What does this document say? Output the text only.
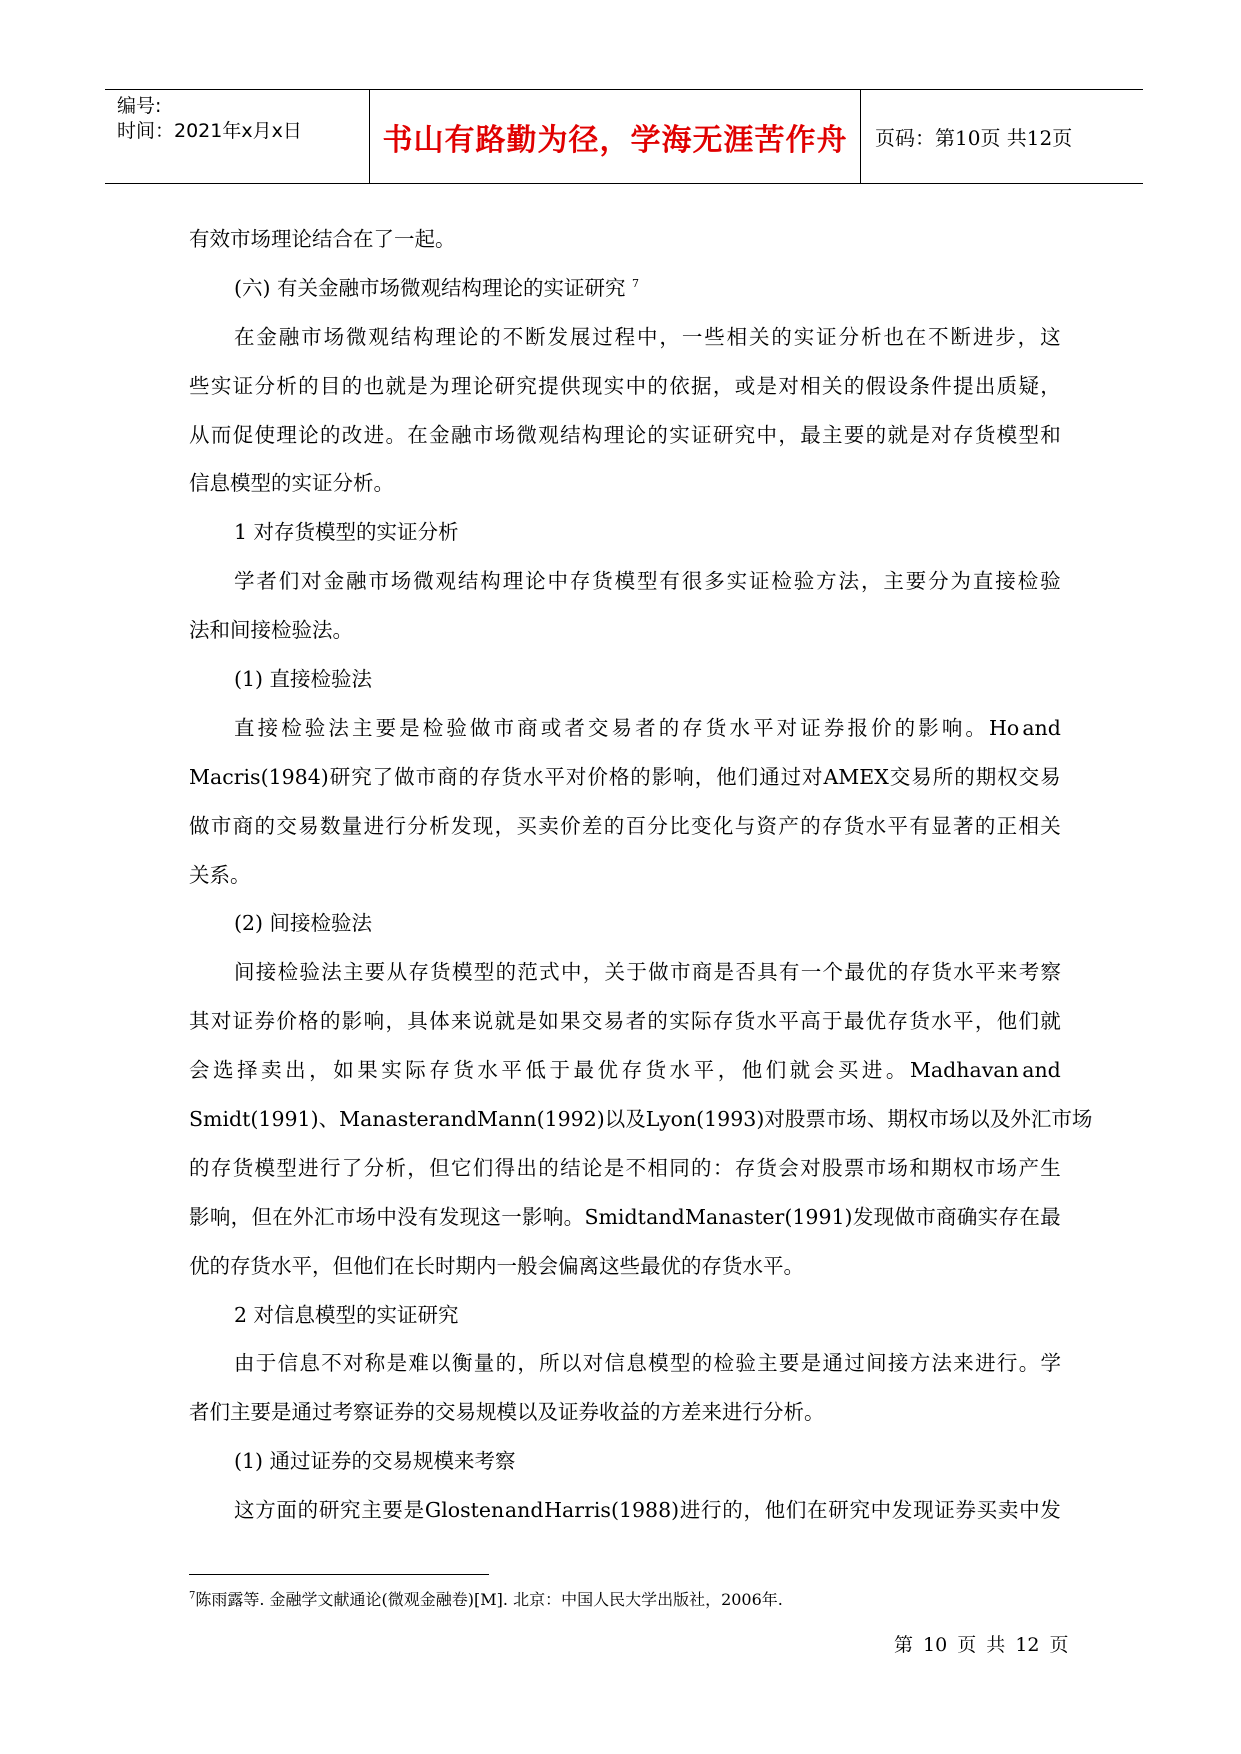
编号:
时间：2021年x月x日	书山有路勤为径，学海无涯苦作舟	页码：第10页 共12页
有效市场理论结合在了一起。
(六) 有关金融市场微观结构理论的实证研究 $^7$
在 金 融 市 场 微 观 结 构 理 论 的 不 断 发 展 过 程 中 ， 一 些 相 关 的 实 证 分 析 也 在 不 断 进 步 ， 这
些 实 证 分 析 的 目 的 也 就 是 为 理 论 研 究 提 供 现 实 中 的 依 据 ， 或 是 对 相 关 的 假 设 条 件 提 出 质 疑 ，
从 而 促 使 理 论 的 改 进 。 在 金 融 市 场 微 观 结 构 理 论 的 实 证 研 究 中 ， 最 主 要 的 就 是 对 存 货 模 型 和
信息模型的实证分析。
1 对存货模型的实证分析
学 者 们 对 金 融 市 场 微 观 结 构 理 论 中 存 货 模 型 有 很 多 实 证 检 验 方 法 ， 主 要 分 为 直 接 检 验
法和间接检验法。
(1) 直接检验法
直 接 检 验 法 主 要 是 检 验 做 市 商 或 者 交 易 者 的 存 货 水 平 对 证 券 报 价 的 影 响 。 Ho and
Macris(1984) 研 究 了 做 市 商 的 存 货 水 平 对 价 格 的 影 响 ， 他 们 通 过 对 AMEX 交 易 所 的 期 权 交 易
做 市 商 的 交 易 数 量 进 行 分 析 发 现 ， 买 卖 价 差 的 百 分 比 变 化 与 资 产 的 存 货 水 平 有 显 著 的 正 相 关
关系。
(2) 间接检验法
间 接 检 验 法 主 要 从 存 货 模 型 的 范 式 中 ， 关 于 做 市 商 是 否 具 有 一 个 最 优 的 存 货 水 平 来 考 察
其 对 证 券 价 格 的 影 响 ， 具 体 来 说 就 是 如 果 交 易 者 的 实 际 存 货 水 平 高 于 最 优 存 货 水 平 ， 他 们 就
会 选 择 卖 出 ， 如 果 实 际 存 货 水 平 低 于 最 优 存 货 水 平 ， 他 们 就 会 买 进 。 Madhavan and
Smidt(1991) 、 Manaster and Mann(1992) 以 及 Lyon(1993) 对 股 票 市 场 、 期 权 市 场 以 及 外 汇 市 场
的 存 货 模 型 进 行 了 分 析 ， 但 它 们 得 出 的 结 论 是 不 相 同 的 ： 存 货 会 对 股 票 市 场 和 期 权 市 场 产 生
影 响 ， 但 在 外 汇 市 场 中 没 有 发 现 这 一 影 响 。 Smidt and Manaster(1991) 发 现 做 市 商 确 实 存 在 最
优的存货水平，但他们在长时期内一般会偏离这些最优的存货水平。
2 对信息模型的实证研究
由 于 信 息 不 对 称 是 难 以 衡 量 的 ， 所 以 对 信 息 模 型 的 检 验 主 要 是 通 过 间 接 方 法 来 进 行 。 学
者们主要是通过考察证券的交易规模以及证券收益的方差来进行分析。
(1) 通过证券的交易规模来考察
这 方 面 的 研 究 主 要 是 Glosten and Harris(1988) 进 行 的 ， 他 们 在 研 究 中 发 现 证 券 买 卖 中 发
$^7$陈雨露等. 金融学文献通论(微观金融卷)[M]. 北京：中国人民大学出版社，2006年.
第 10 页 共 12 页
